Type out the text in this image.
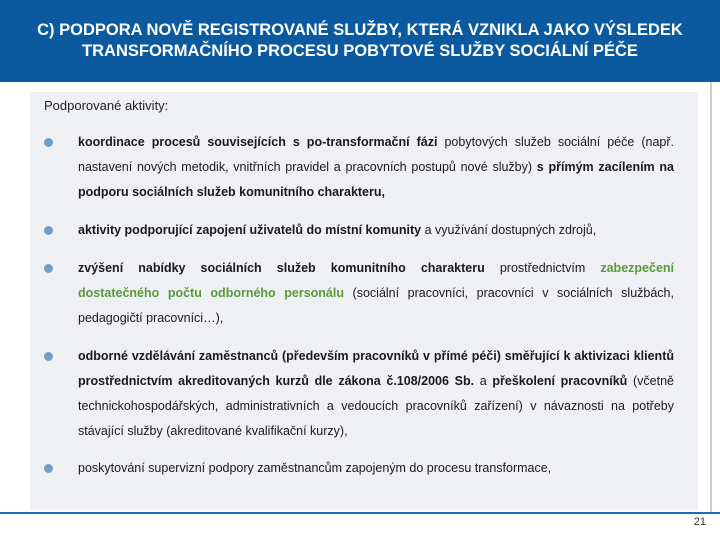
C) PODPORA NOVĚ REGISTROVANÉ SLUŽBY, KTERÁ VZNIKLA JAKO VÝSLEDEK
TRANSFORMAČNÍHO PROCESU POBYTOVÉ SLUŽBY SOCIÁLNÍ PÉČE

Podporované aktivity:

koordinace procesů souvisejících s po-transformační fázi pobytových služeb sociální péče (např. nastavení nových metodik, vnitřních pravidel a pracovních postupů nové služby) s přímým zacílením na podporu sociálních služeb komunitního charakteru,
aktivity podporující zapojení uživatelů do místní komunity a využívání dostupných zdrojů,
zvýšení nabídky sociálních služeb komunitního charakteru prostřednictvím zabezpečení dostatečného počtu odborného personálu (sociální pracovníci, pracovníci v sociálních službách, pedagogičtí pracovníci…),
odborné vzdělávání zaměstnanců (především pracovníků v přímé péči) směřující k aktivizaci klientů prostřednictvím akreditovaných kurzů dle zákona č.108/2006 Sb. a přeškolení pracovníků (včetně technickohospodářských, administrativních a vedoucích pracovníků zařízení) v návaznosti na potřeby stávající služby (akreditované kvalifikační kurzy),
poskytování supervizní podpory zaměstnancům zapojeným do procesu transformace,
21
